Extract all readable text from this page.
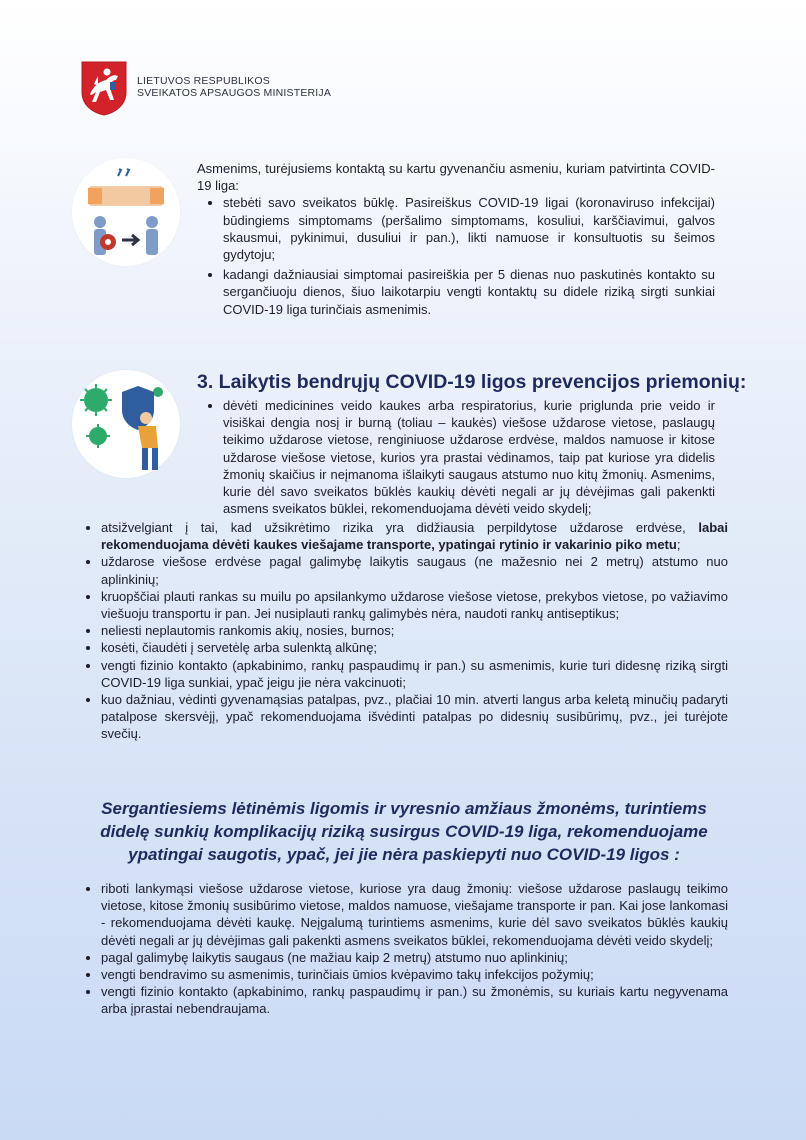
LIETUVOS RESPUBLIKOS
SVEIKATOS APSAUGOS MINISTERIJA
Asmenims, turėjusiems kontaktą su kartu gyvenančiu asmeniu, kuriam patvirtinta COVID-19 liga:
• stebėti savo sveikatos būklę. Pasireiškus COVID-19 ligai (koronaviruso infekcijai) būdingiems simptomams (peršalimo simptomams, kosuliui, karščiavimui, galvos skausmui, pykinimui, dusuliui ir pan.), likti namuose ir konsultuotis su šeimos gydytoju;
• kadangi dažniausiai simptomai pasireiškia per 5 dienas nuo paskutinės kontakto su sergančiuoju dienos, šiuo laikotarpiu vengti kontaktų su didele riziką sirgti sunkiai COVID-19 liga turinčiais asmenimis.
3. Laikytis bendrųjų COVID-19 ligos prevencijos priemonių:
• dėvėti medicinines veido kaukes arba respiratorius, kurie priglunda prie veido ir visiškai dengia nosį ir burną (toliau – kaukės) viešose uždarose vietose, paslaugų teikimo uždarose vietose, renginiuose uždarose erdvėse, maldos namuose ir kitose uždarose viešose vietose, kurios yra prastai vėdinamos, taip pat kuriose yra didelis žmonių skaičius ir neįmanoma išlaikyti saugaus atstumo nuo kitų žmonių. Asmenims, kurie dėl savo sveikatos būklės kaukių dėvėti negali ar jų dėvėjimas gali pakenkti asmens sveikatos būklei, rekomenduojama dėvėti veido skydelį;
• atsižvelgiant į tai, kad užsikrėtimo rizika yra didžiausia perpildytose uždarose erdvėse, labai rekomenduojama dėvėti kaukes viešajame transporte, ypatingai rytinio ir vakarinio piko metu;
• uždarose viešose erdvėse pagal galimybę laikytis saugaus (ne mažesnio nei 2 metrų) atstumo nuo aplinkinių;
• kruopščiai plauti rankas su muilu po apsilankymo uždarose viešose vietose, prekybos vietose, po važiavimo viešuoju transportu ir pan. Jei nusiplauti rankų galimybės nėra, naudoti rankų antiseptikus;
• neliesti neplautomis rankomis akių, nosies, burnos;
• kosėti, čiaudėti į servetėlę arba sulenktą alkūnę;
• vengti fizinio kontakto (apkabinimo, rankų paspaudimų ir pan.) su asmenimis, kurie turi didesnę riziką sirgti COVID-19 liga sunkiai, ypač jeigu jie nėra vakcinuoti;
• kuo dažniau, vėdinti gyvenamąsias patalpas, pvz., plačiai 10 min. atverti langus arba keletą minučių padaryti patalpose skersvėjį, ypač rekomenduojama išvėdinti patalpas po didesnių susibūrimų, pvz., jei turėjote svečių.
Sergantiesiems lėtinėmis ligomis ir vyresnio amžiaus žmonėms, turintiems didelę sunkių komplikacijų riziką susirgus COVID-19 liga, rekomenduojame ypatingai saugotis, ypač, jei jie nėra paskiepyti nuo COVID-19 ligos :
• riboti lankymąsi viešose uždarose vietose, kuriose yra daug žmonių: viešose uždarose paslaugų teikimo vietose, kitose žmonių susibūrimo vietose, maldos namuose, viešajame transporte ir pan. Kai jose lankomasi - rekomenduojama dėvėti kaukę. Neįgalumą turintiems asmenims, kurie dėl savo sveikatos būklės kaukių dėvėti negali ar jų dėvėjimas gali pakenkti asmens sveikatos būklei, rekomenduojama dėvėti veido skydelį;
• pagal galimybę laikytis saugaus (ne mažiau kaip 2 metrų) atstumo nuo aplinkinių;
• vengti bendravimo su asmenimis, turinčiais ūmios kvėpavimo takų infekcijos požymių;
• vengti fizinio kontakto (apkabinimo, rankų paspaudimų ir pan.) su žmonėmis, su kuriais kartu negyvenama arba įprastai nebendraujama.
